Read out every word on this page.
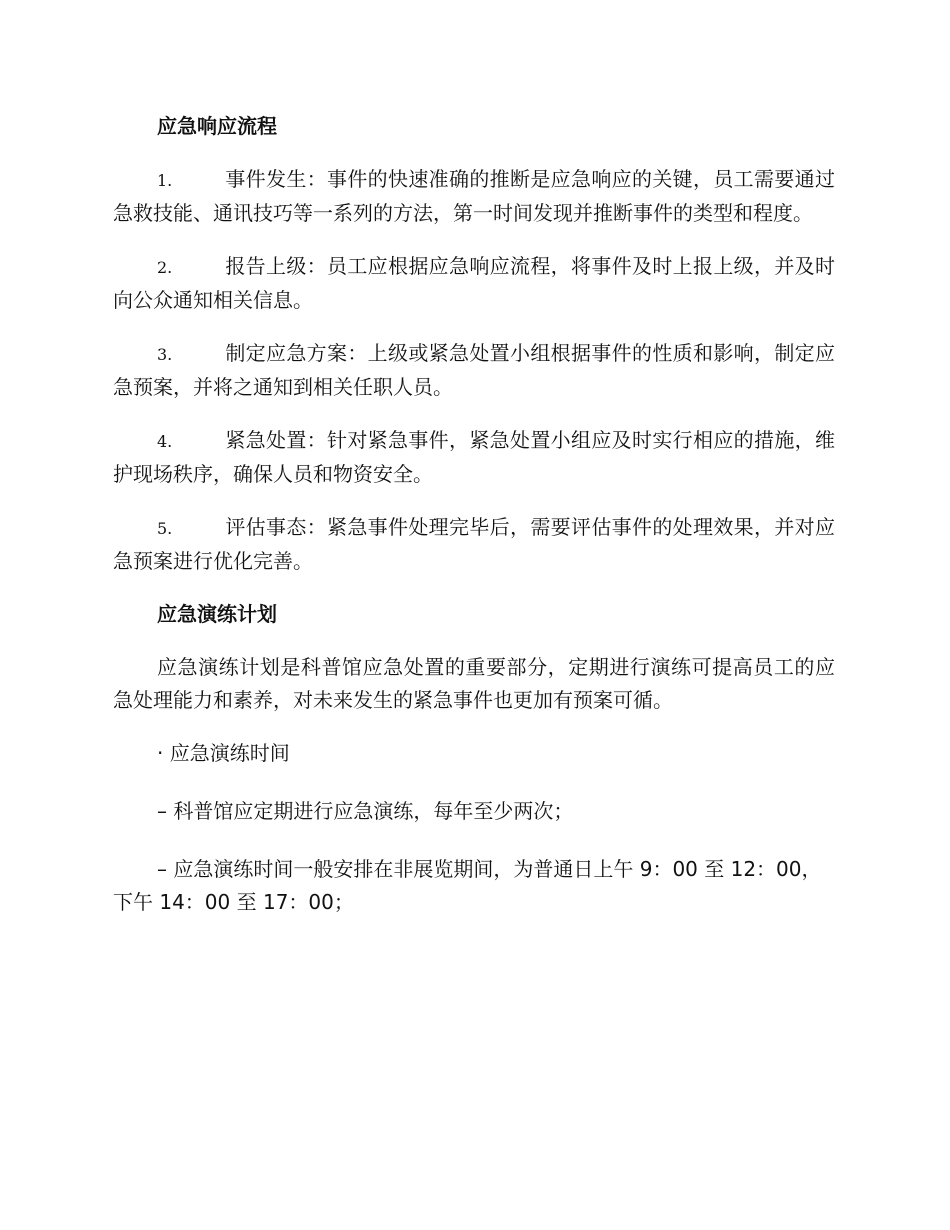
应急响应流程
1.	事件发生：事件的快速准确的推断是应急响应的关键，员工需要通过急救技能、通讯技巧等一系列的方法，第一时间发现并推断事件的类型和程度。
2.	报告上级：员工应根据应急响应流程，将事件及时上报上级，并及时向公众通知相关信息。
3.	制定应急方案：上级或紧急处置小组根据事件的性质和影响，制定应急预案，并将之通知到相关任职人员。
4.	紧急处置：针对紧急事件，紧急处置小组应及时实行相应的措施，维护现场秩序，确保人员和物资安全。
5.	评估事态：紧急事件处理完毕后，需要评估事件的处理效果，并对应急预案进行优化完善。
应急演练计划
应急演练计划是科普馆应急处置的重要部分，定期进行演练可提高员工的应急处理能力和素养，对未来发生的紧急事件也更加有预案可循。
· 应急演练时间
– 科普馆应定期进行应急演练，每年至少两次；
– 应急演练时间一般安排在非展览期间，为普通日上午 9：00 至 12：00，下午 14：00 至 17：00；
